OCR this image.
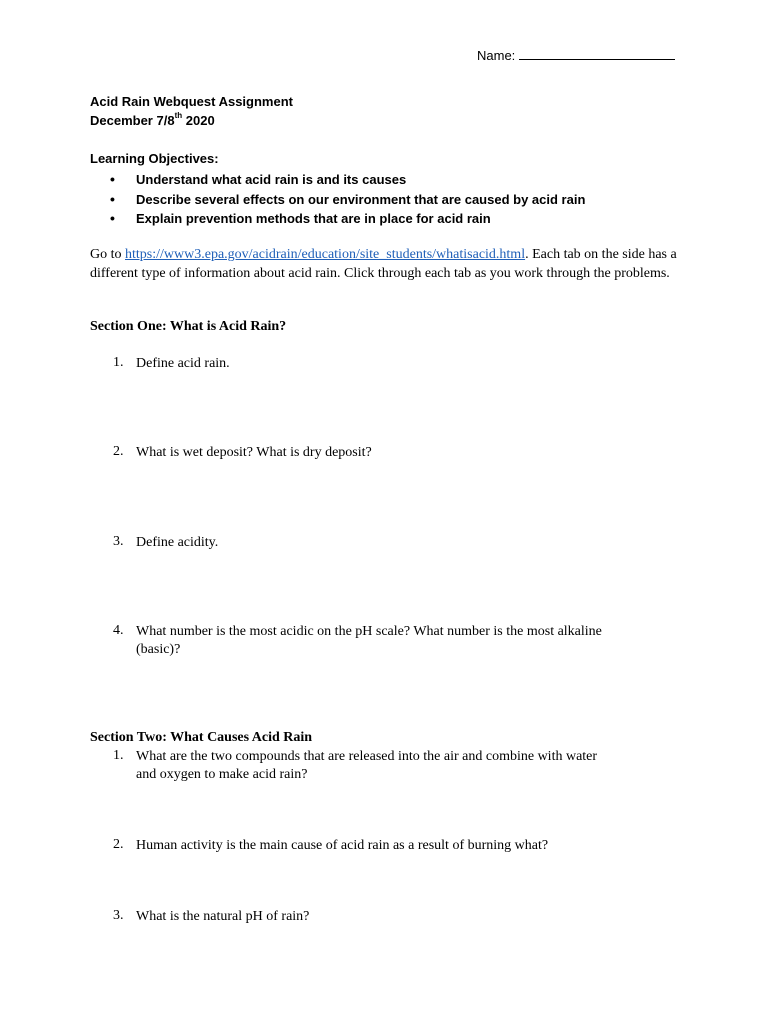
Name:
Acid Rain Webquest Assignment
December 7/8th 2020
Learning Objectives:
• Understand what acid rain is and its causes
• Describe several effects on our environment that are caused by acid rain
• Explain prevention methods that are in place for acid rain
Go to https://www3.epa.gov/acidrain/education/site_students/whatisacid.html. Each tab on the side has a different type of information about acid rain. Click through each tab as you work through the problems.
Section One: What is Acid Rain?
1. Define acid rain.
2. What is wet deposit? What is dry deposit?
3. Define acidity.
4. What number is the most acidic on the pH scale? What number is the most alkaline (basic)?
Section Two: What Causes Acid Rain
1. What are the two compounds that are released into the air and combine with water and oxygen to make acid rain?
2. Human activity is the main cause of acid rain as a result of burning what?
3. What is the natural pH of rain?
